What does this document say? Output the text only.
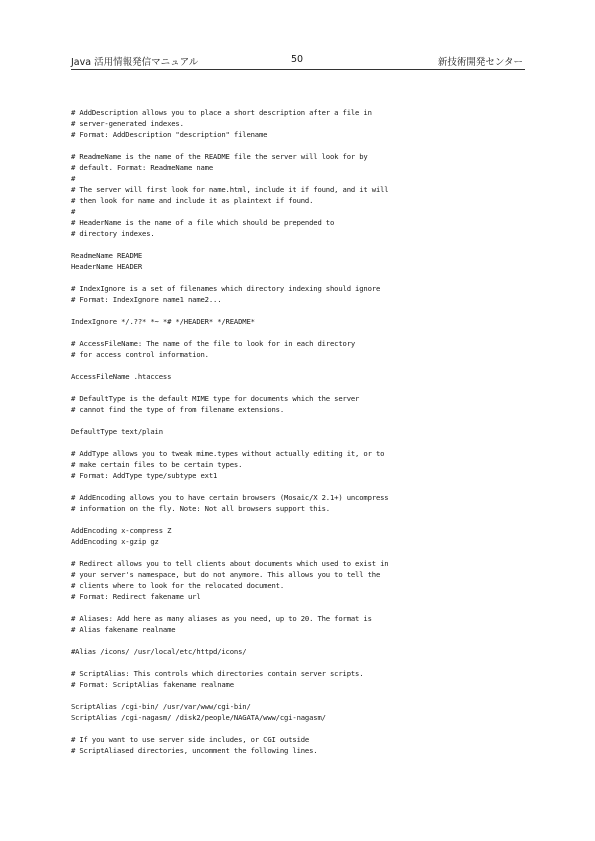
Java 活用情報発信マニュアル	50	新技術開発センター
# AddDescription allows you to place a short description after a file in
# server-generated indexes.
# Format: AddDescription "description" filename
# ReadmeName is the name of the README file the server will look for by
# default. Format: ReadmeName name
#
# The server will first look for name.html, include it if found, and it will
# then look for name and include it as plaintext if found.
#
# HeaderName is the name of a file which should be prepended to
# directory indexes.
ReadmeName README
HeaderName HEADER
# IndexIgnore is a set of filenames which directory indexing should ignore
# Format: IndexIgnore name1 name2...
IndexIgnore */.??* *~ *# */HEADER* */README*
# AccessFileName: The name of the file to look for in each directory
# for access control information.
AccessFileName .htaccess
# DefaultType is the default MIME type for documents which the server
# cannot find the type of from filename extensions.
DefaultType text/plain
# AddType allows you to tweak mime.types without actually editing it, or to
# make certain files to be certain types.
# Format: AddType type/subtype ext1
# AddEncoding allows you to have certain browsers (Mosaic/X 2.1+) uncompress
# information on the fly. Note: Not all browsers support this.
AddEncoding x-compress Z
AddEncoding x-gzip gz
# Redirect allows you to tell clients about documents which used to exist in
# your server's namespace, but do not anymore. This allows you to tell the
# clients where to look for the relocated document.
# Format: Redirect fakename url
# Aliases: Add here as many aliases as you need, up to 20. The format is
# Alias fakename realname
#Alias /icons/ /usr/local/etc/httpd/icons/
# ScriptAlias: This controls which directories contain server scripts.
# Format: ScriptAlias fakename realname
ScriptAlias /cgi-bin/ /usr/var/www/cgi-bin/
ScriptAlias /cgi-nagasm/ /disk2/people/NAGATA/www/cgi-nagasm/
# If you want to use server side includes, or CGI outside
# ScriptAliased directories, uncomment the following lines.
